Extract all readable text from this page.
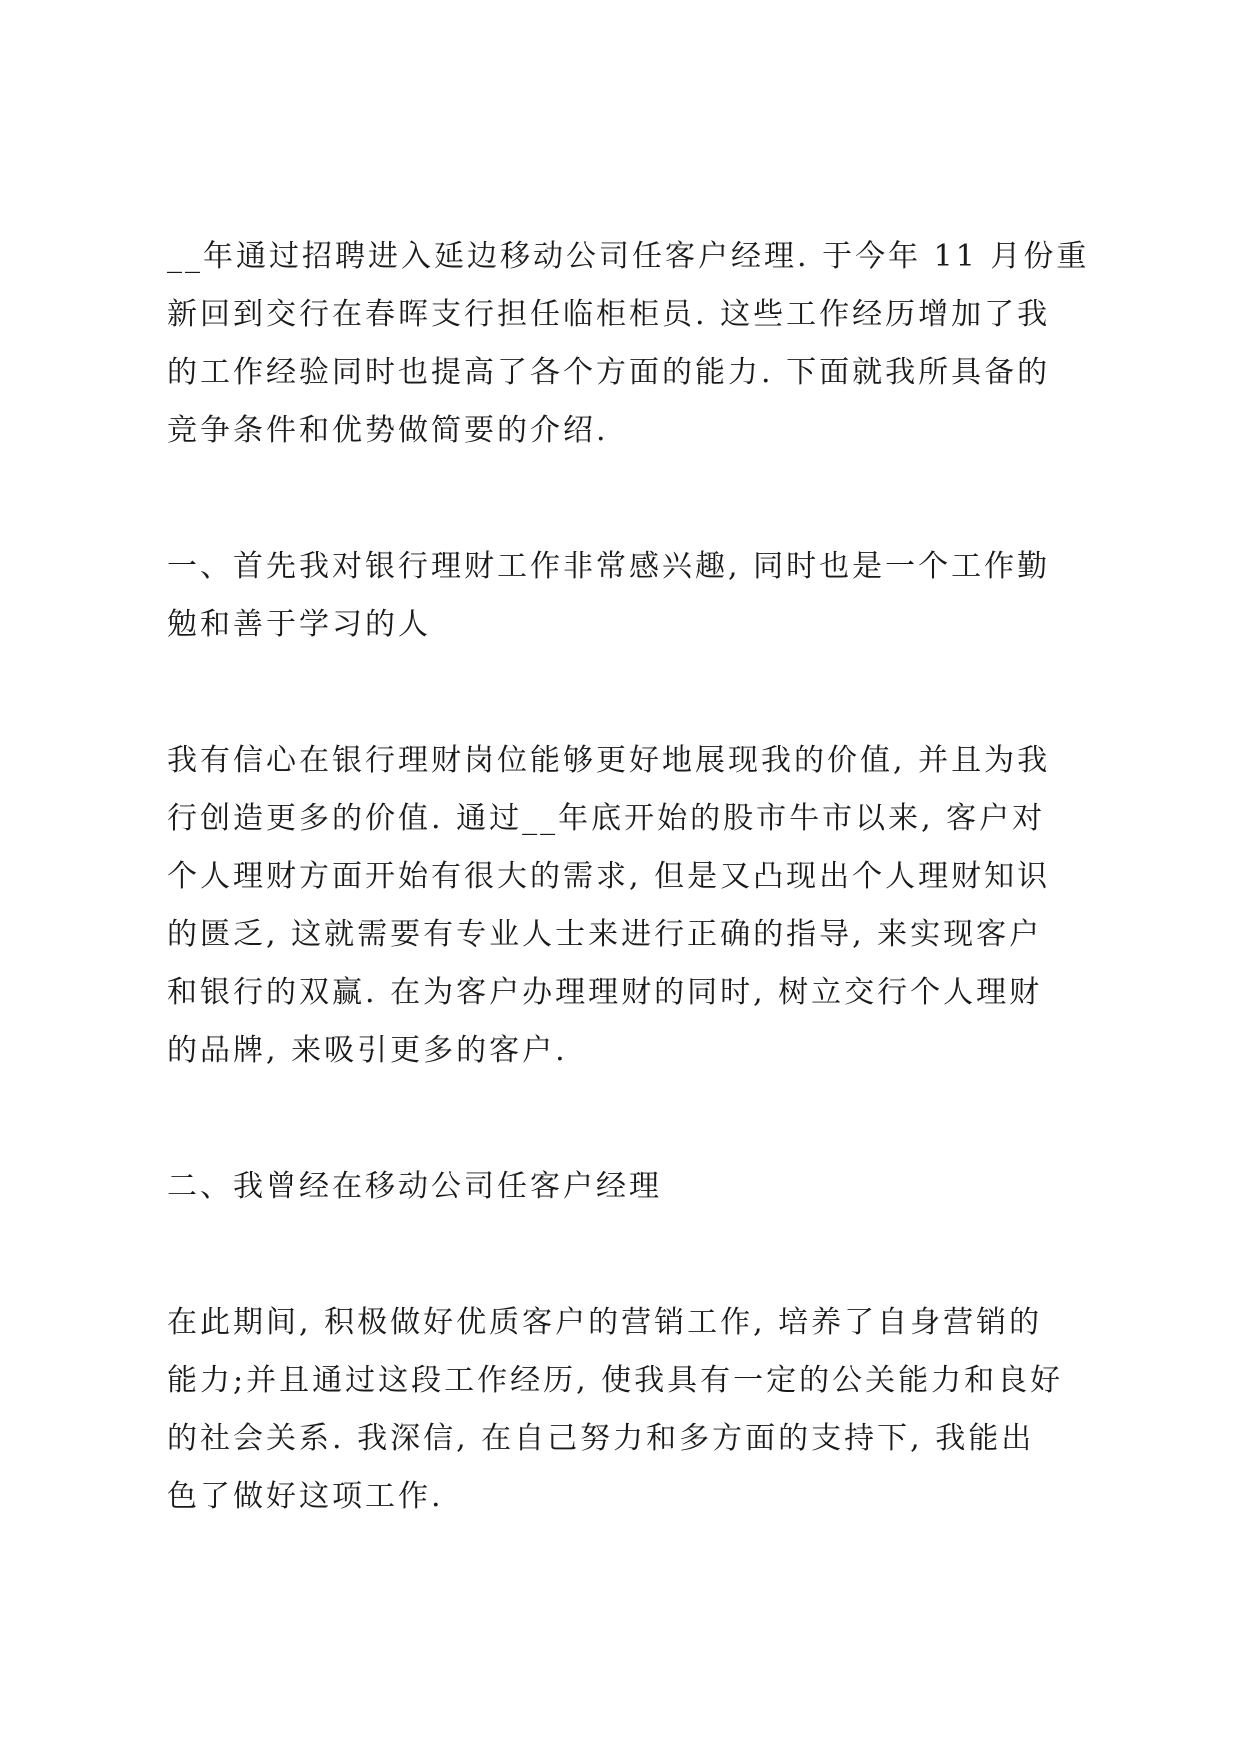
__年通过招聘进入延边移动公司任客户经理. 于今年 11 月份重
新回到交行在春晖支行担任临柜柜员. 这些工作经历增加了我
的工作经验同时也提高了各个方面的能力. 下面就我所具备的
竞争条件和优势做简要的介绍.
一、首先我对银行理财工作非常感兴趣, 同时也是一个工作勤
勉和善于学习的人
我有信心在银行理财岗位能够更好地展现我的价值, 并且为我
行创造更多的价值. 通过__年底开始的股市牛市以来, 客户对
个人理财方面开始有很大的需求, 但是又凸现出个人理财知识
的匮乏, 这就需要有专业人士来进行正确的指导, 来实现客户
和银行的双赢. 在为客户办理理财的同时, 树立交行个人理财
的品牌, 来吸引更多的客户.
二、我曾经在移动公司任客户经理
在此期间, 积极做好优质客户的营销工作, 培养了自身营销的
能力;并且通过这段工作经历, 使我具有一定的公关能力和良好
的社会关系. 我深信, 在自己努力和多方面的支持下, 我能出
色了做好这项工作.
